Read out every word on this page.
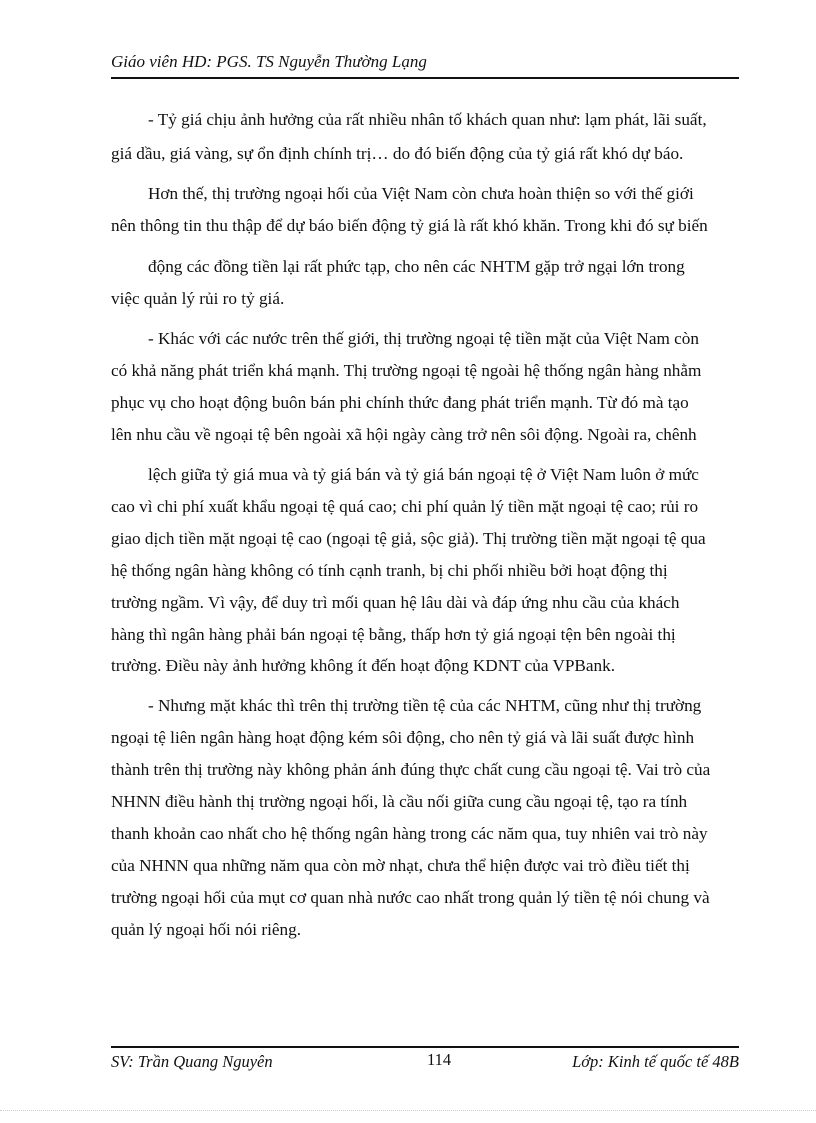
Giáo viên HD: PGS. TS Nguyễn Thường Lạng
- Tỷ giá chịu ảnh hưởng của rất nhiều nhân tố khách quan như: lạm phát, lãi suất,
giá dầu, giá vàng, sự ổn định chính trị… do đó biến động của tỷ giá rất khó dự báo.
Hơn thế, thị trường ngoại hối của Việt Nam còn chưa hoàn thiện so với thế giới
nên thông tin thu thập để dự báo biến động tỷ giá là rất khó khăn. Trong khi đó sự biến
động các đồng tiền lại rất phức tạp, cho nên các NHTM gặp trở ngại lớn trong
việc quản lý rủi ro tỷ giá.
- Khác với các nước trên thế giới, thị trường ngoại tệ tiền mặt của Việt Nam còn
có khả năng phát triển khá mạnh. Thị trường ngoại tệ ngoài hệ thống ngân hàng nhằm
phục vụ cho hoạt động buôn bán phi chính thức đang phát triển mạnh. Từ đó mà tạo
lên nhu cầu về ngoại tệ bên ngoài xã hội ngày càng trở nên sôi động. Ngoài ra, chênh
lệch giữa tỷ giá mua và tỷ giá bán và tỷ giá bán ngoại tệ ở Việt Nam luôn ở mức
cao vì chi phí xuất khẩu ngoại tệ quá cao; chi phí quản lý tiền mặt ngoại tệ cao; rủi ro
giao dịch tiền mặt ngoại tệ cao (ngoại tệ giả, sộc giả). Thị trường tiền mặt ngoại tệ qua
hệ thống ngân hàng không có tính cạnh tranh, bị chi phối nhiều bởi hoạt động thị
trường ngầm. Vì vậy, để duy trì mối quan hệ lâu dài và đáp ứng nhu cầu của khách
hàng thì ngân hàng phải bán ngoại tệ bằng, thấp hơn tỷ giá ngoại tện bên ngoài thị
trường. Điều này ảnh hưởng không ít đến hoạt động KDNT của VPBank.
- Nhưng mặt khác thì trên thị trường tiền tệ của các NHTM, cũng như thị trường
ngoại tệ liên ngân hàng hoạt động kém sôi động, cho nên tỷ giá và lãi suất được hình
thành trên thị trường này không phản ánh đúng thực chất cung cầu ngoại tệ. Vai trò của
NHNN điều hành thị trường ngoại hối, là cầu nối giữa cung cầu ngoại tệ, tạo ra tính
thanh khoản cao nhất cho hệ thống ngân hàng trong các năm qua, tuy nhiên vai trò này
của NHNN qua những năm qua còn mờ nhạt, chưa thể hiện được vai trò điều tiết thị
trường ngoại hối của mụt cơ quan nhà nước cao nhất trong quản lý tiền tệ nói chung và
quản lý ngoại hối nói riêng.
SV: Trần Quang Nguyên	114	Lớp: Kinh tế quốc tế 48B
